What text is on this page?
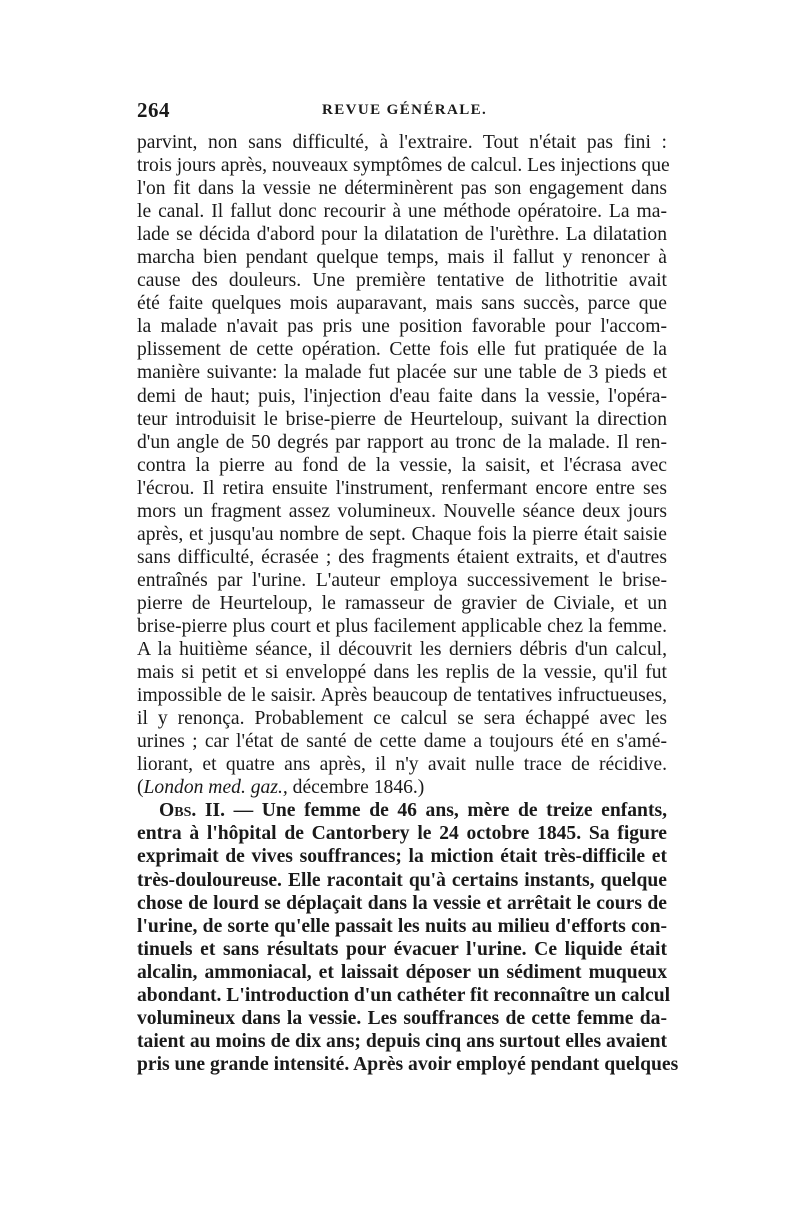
264	REVUE GÉNÉRALE.
parvint, non sans difficulté, à l'extraire. Tout n'était pas fini :
trois jours après, nouveaux symptômes de calcul. Les injections que
l'on fit dans la vessie ne déterminèrent pas son engagement dans
le canal. Il fallut donc recourir à une méthode opératoire. La ma-
lade se décida d'abord pour la dilatation de l'urèthre. La dilatation
marcha bien pendant quelque temps, mais il fallut y renoncer à
cause des douleurs. Une première tentative de lithotritie avait
été faite quelques mois auparavant, mais sans succès, parce que
la malade n'avait pas pris une position favorable pour l'accom-
plissement de cette opération. Cette fois elle fut pratiquée de la
manière suivante: la malade fut placée sur une table de 3 pieds et
demi de haut; puis, l'injection d'eau faite dans la vessie, l'opéra-
teur introduisit le brise-pierre de Heurteloup, suivant la direction
d'un angle de 50 degrés par rapport au tronc de la malade. Il ren-
contra la pierre au fond de la vessie, la saisit, et l'écrasa avec
l'écrou. Il retira ensuite l'instrument, renfermant encore entre ses
mors un fragment assez volumineux. Nouvelle séance deux jours
après, et jusqu'au nombre de sept. Chaque fois la pierre était saisie
sans difficulté, écrasée ; des fragments étaient extraits, et d'autres
entraînés par l'urine. L'auteur employa successivement le brise-
pierre de Heurteloup, le ramasseur de gravier de Civiale, et un
brise-pierre plus court et plus facilement applicable chez la femme.
A la huitième séance, il découvrit les derniers débris d'un calcul,
mais si petit et si enveloppé dans les replis de la vessie, qu'il fut
impossible de le saisir. Après beaucoup de tentatives infructueuses,
il y renonça. Probablement ce calcul se sera échappé avec les
urines ; car l'état de santé de cette dame a toujours été en s'amé-
liorant, et quatre ans après, il n'y avait nulle trace de récidive.
(London med. gaz., décembre 1846.)
Obs. II. — Une femme de 46 ans, mère de treize enfants,
entra à l'hôpital de Cantorbery le 24 octobre 1845. Sa figure
exprimait de vives souffrances; la miction était très-difficile et
très-douloureuse. Elle racontait qu'à certains instants, quelque
chose de lourd se déplaçait dans la vessie et arrêtait le cours de
l'urine, de sorte qu'elle passait les nuits au milieu d'efforts con-
tinuels et sans résultats pour évacuer l'urine. Ce liquide était
alcalin, ammoniacal, et laissait déposer un sédiment muqueux
abondant. L'introduction d'un cathéter fit reconnaître un calcul
volumineux dans la vessie. Les souffrances de cette femme da-
taient au moins de dix ans; depuis cinq ans surtout elles avaient
pris une grande intensité. Après avoir employé pendant quelques
